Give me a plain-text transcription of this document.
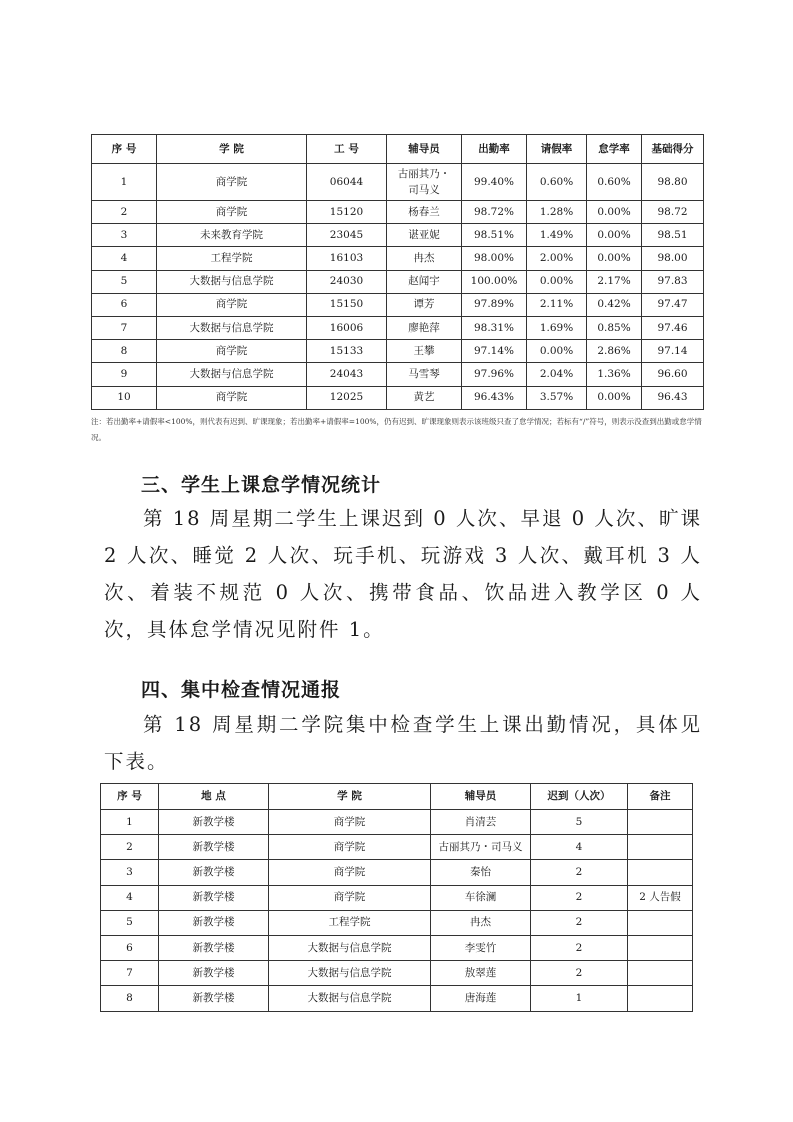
序 号	学 院	工 号	辅导员	出勤率	请假率	怠学率	基础得分
1	商学院	06044	古丽其乃・司马义	99.40%	0.60%	0.60%	98.80
2	商学院	15120	杨春兰	98.72%	1.28%	0.00%	98.72
3	未来教育学院	23045	谌亚妮	98.51%	1.49%	0.00%	98.51
4	工程学院	16103	冉杰	98.00%	2.00%	0.00%	98.00
5	大数据与信息学院	24030	赵闻宇	100.00%	0.00%	2.17%	97.83
6	商学院	15150	谭芳	97.89%	2.11%	0.42%	97.47
7	大数据与信息学院	16006	廖艳萍	98.31%	1.69%	0.85%	97.46
8	商学院	15133	王攀	97.14%	0.00%	2.86%	97.14
9	大数据与信息学院	24043	马雪琴	97.96%	2.04%	1.36%	96.60
10	商学院	12025	黄艺	96.43%	3.57%	0.00%	96.43
注：若出勤率+请假率<100%，则代表有迟到、旷课现象；若出勤率+请假率=100%，仍有迟到、旷课现象则表示该班级只查了怠学情况；若标有“/”符号，则表示没查到出勤或怠学情况。
三、学生上课怠学情况统计
第 18 周星期二学生上课迟到 0 人次、早退 0 人次、旷课 2 人次、睡觉 2 人次、玩手机、玩游戏 3 人次、戴耳机 3 人次、着装不规范 0 人次、携带食品、饮品进入教学区 0 人次，具体怠学情况见附件 1。
四、集中检查情况通报
第 18 周星期二学院集中检查学生上课出勤情况，具体见下表。
序 号	地 点	学 院	辅导员	迟到（人次）	备注
1	新教学楼	商学院	肖清芸	5	
2	新教学楼	商学院	古丽其乃・司马义	4	
3	新教学楼	商学院	秦怡	2	
4	新教学楼	商学院	车徐澜	2	2 人告假
5	新教学楼	工程学院	冉杰	2	
6	新教学楼	大数据与信息学院	李雯竹	2	
7	新教学楼	大数据与信息学院	敖翠莲	2	
8	新教学楼	大数据与信息学院	唐海莲	1	
